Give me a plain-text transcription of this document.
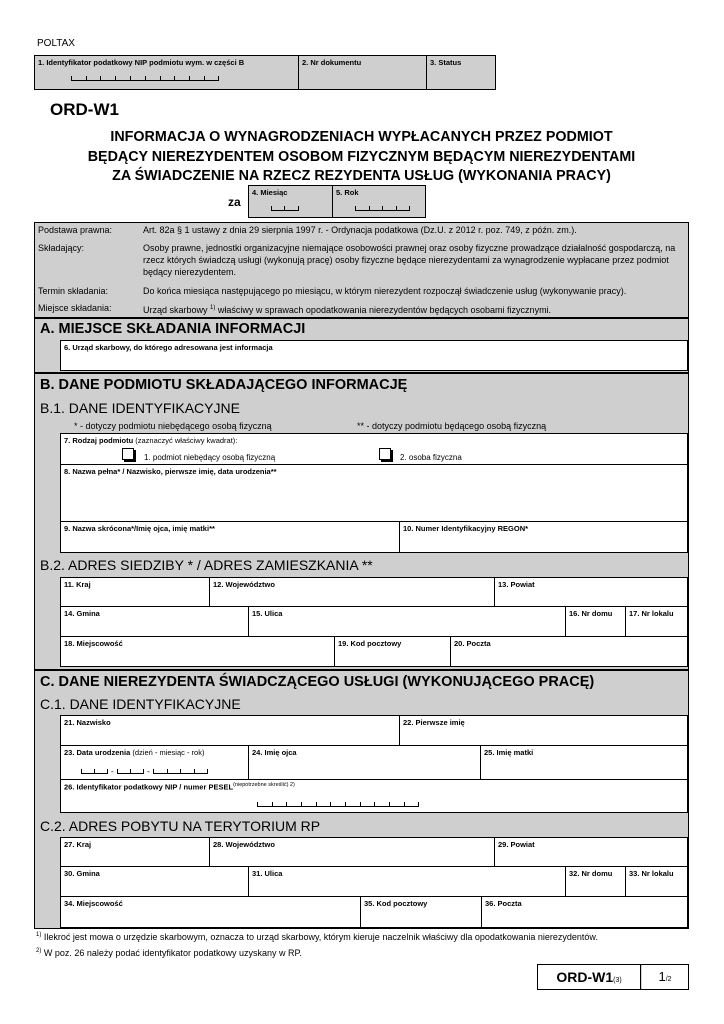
POLTAX
1. Identyfikator podatkowy NIP podmiotu wym. w części B	2. Nr dokumentu	3. Status
ORD-W1
INFORMACJA O WYNAGRODZENIACH WYPŁACANYCH PRZEZ PODMIOT
BĘDĄCY NIEREZYDENTEM OSOBOM FIZYCZNYM BĘDĄCYM NIEREZYDENTAMI
ZA ŚWIADCZENIE NA RZECZ REZYDENTA USŁUG (WYKONANIA PRACY)
za
4. Miesiąc	5. Rok
Podstawa prawna:	Art. 82a § 1 ustawy z dnia 29 sierpnia 1997 r. - Ordynacja podatkowa (Dz.U. z 2012 r. poz. 749, z późn. zm.).
Składający:	Osoby prawne, jednostki organizacyjne niemające osobowości prawnej oraz osoby fizyczne prowadzące działalność gospodarczą, na rzecz których świadczą usługi (wykonują pracę) osoby fizyczne będące nierezydentami za wynagrodzenie wypłacane przez podmiot będący nierezydentem.
Termin składania:	Do końca miesiąca następującego po miesiącu, w którym nierezydent rozpoczął świadczenie usług (wykonywanie pracy).
Miejsce składania:	Urząd skarbowy $^{1)}$ właściwy w sprawach opodatkowania nierezydentów będących osobami fizycznymi.
A. MIEJSCE SKŁADANIA INFORMACJI
6. Urząd skarbowy, do którego adresowana jest informacja
B. DANE PODMIOTU SKŁADAJĄCEGO INFORMACJĘ
B.1. DANE IDENTYFIKACYJNE
* - dotyczy podmiotu niebędącego osobą fizyczną	** - dotyczy podmiotu będącego osobą fizyczną
7. Rodzaj podmiotu (zaznaczyć właściwy kwadrat):
1. podmiot niebędący osobą fizyczną	2. osoba fizyczna
8. Nazwa pełna* / Nazwisko, pierwsze imię, data urodzenia**
9. Nazwa skrócona*/Imię ojca, imię matki**	10. Numer Identyfikacyjny REGON*
B.2. ADRES SIEDZIBY * / ADRES ZAMIESZKANIA **
11. Kraj	12. Województwo	13. Powiat
14. Gmina	15. Ulica	16. Nr domu 17. Nr lokalu
18. Miejscowość	19. Kod pocztowy	20. Poczta
C. DANE NIEREZYDENTA ŚWIADCZĄCEGO USŁUGI (WYKONUJĄCEGO PRACĘ)
C.1. DANE IDENTYFIKACYJNE
21. Nazwisko	22. Pierwsze imię
23. Data urodzenia (dzień - miesiąc - rok)
-	-
24. Imię ojca	25. Imię matki
26. Identyfikator podatkowy NIP / numer $PESEL^{(niepotrzebne skreślić) 2)}$
C.2. ADRES POBYTU NA TERYTORIUM RP
27. Kraj	28. Województwo	29. Powiat
30. Gmina	31. Ulica	32. Nr domu 33. Nr lokalu
34. Miejscowość	35. Kod pocztowy	36. Poczta
$^{1)}$ Ilekroć jest mowa o urzędzie skarbowym, oznacza to urząd skarbowy, którym kieruje naczelnik właściwy dla opodatkowania nierezydentów.
$^{2)}$ W poz. 26 należy podać identyfikator podatkowy uzyskany w RP.
ORD-W1(3)	1/2
